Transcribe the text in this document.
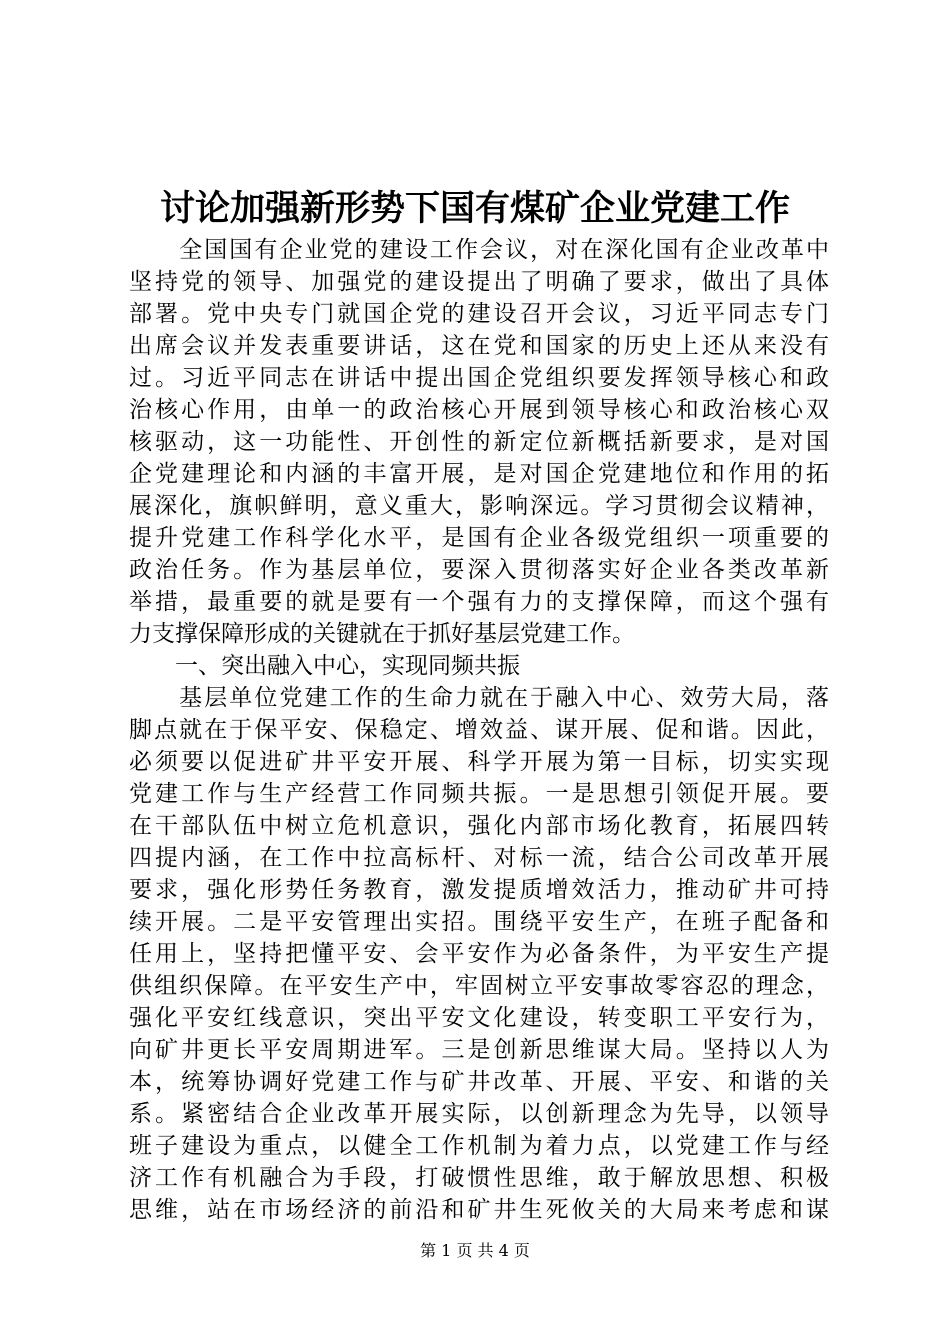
讨论加强新形势下国有煤矿企业党建工作
　　全国国有企业党的建设工作会议，对在深化国有企业改革中
坚持党的领导、加强党的建设提出了明确了要求，做出了具体
部署。党中央专门就国企党的建设召开会议，习近平同志专门
出席会议并发表重要讲话，这在党和国家的历史上还从来没有
过。习近平同志在讲话中提出国企党组织要发挥领导核心和政
治核心作用，由单一的政治核心开展到领导核心和政治核心双
核驱动，这一功能性、开创性的新定位新概括新要求，是对国
企党建理论和内涵的丰富开展，是对国企党建地位和作用的拓
展深化，旗帜鲜明，意义重大，影响深远。学习贯彻会议精神，
提升党建工作科学化水平，是国有企业各级党组织一项重要的
政治任务。作为基层单位，要深入贯彻落实好企业各类改革新
举措，最重要的就是要有一个强有力的支撑保障，而这个强有
力支撑保障形成的关键就在于抓好基层党建工作。
　　一、突出融入中心，实现同频共振
　　基层单位党建工作的生命力就在于融入中心、效劳大局，落
脚点就在于保平安、保稳定、增效益、谋开展、促和谐。因此，
必须要以促进矿井平安开展、科学开展为第一目标，切实实现
党建工作与生产经营工作同频共振。一是思想引领促开展。要
在干部队伍中树立危机意识，强化内部市场化教育，拓展四转
四提内涵，在工作中拉高标杆、对标一流，结合公司改革开展
要求，强化形势任务教育，激发提质增效活力，推动矿井可持
续开展。二是平安管理出实招。围绕平安生产，在班子配备和
任用上，坚持把懂平安、会平安作为必备条件，为平安生产提
供组织保障。在平安生产中，牢固树立平安事故零容忍的理念，
强化平安红线意识，突出平安文化建设，转变职工平安行为，
向矿井更长平安周期进军。三是创新思维谋大局。坚持以人为
本，统筹协调好党建工作与矿井改革、开展、平安、和谐的关
系。紧密结合企业改革开展实际，以创新理念为先导，以领导
班子建设为重点，以健全工作机制为着力点，以党建工作与经
济工作有机融合为手段，打破惯性思维，敢于解放思想、积极
思维，站在市场经济的前沿和矿井生死攸关的大局来考虑和谋
第 1 页 共 4 页
